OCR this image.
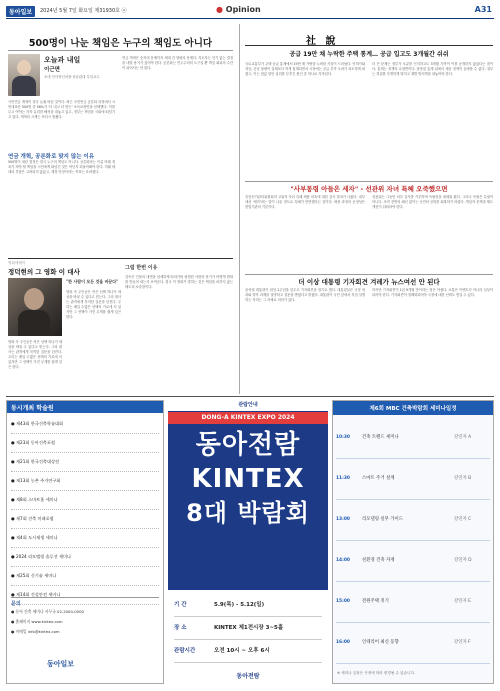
동아일보	2024년 5월 7일 화요일 제31930호 ⓐ	● Opinion	A31
500명이 나눈 책임은 누구의 책임도 아니다
오늘과 내일
이근면
초대 인사혁신처장·성균관대 특임교수
국민연금 개혁이 결국 늦춰 버린 것이다. 최근 국민연금 공론화 과정에서 시민대표단 500명 중 56%가 '더 내고 더 받는' 소득보장안을 선택했다. 이를 두고 여야는 각자 유리한 해석을 내놓고 있고, 정부는 책임을 국회에 떠넘기고 있다. 개혁의 시계는 또다시 멈췄다.
연금 개혁, 공론화로 맞지 않는 이유
500명이 내린 결정은 결국 누구의 책임도 아니다. 공론화라는 이름 아래 정치가 져야 할 책임을 시민에게 떠넘긴 것은 아닌지 되돌아봐야 한다. 미래 세대의 부담은 고려되지 않았고, 재정 안정이라는 목표는 흐려졌다.
연금 개혁은 숫자의 문제이자 세대 간 형평의 문제다. 지도자는 인기 없는 결정을 내릴 용기가 있어야 한다. 공론화는 민주주의의 도구일 뿐 책임 회피의 수단이 되어서는 안 된다.
영화에세이
정덕현의 그 영화 이 대사	그럼 한번 이유
"한 사람이 모든 것을 바꾼다"
영화 속 주인공은 작은 선택 하나가 세상을 바꿀 수 있다고 믿는다. 그의 대사는 관객에게 묵직한 질문을 던진다. 우리는 매일 수많은 선택의 기로에 서 있지만 그 선택이 가진 무게를 쉽게 잊곤 한다.
감독은 인물의 내면을 섬세하게 따라가며 평범한 사람의 용기가 어떻게 변화를 만들어 내는지 보여준다. 결국 이 영화가 말하는 것은 책임을 피하지 않는 태도의 소중함이다.
영화 속 주인공은 작은 선택 하나가 세상을 바꿀 수 있다고 믿는다. 그의 대사는 관객에게 묵직한 질문을 던진다. 우리는 매일 수많은 선택의 기로에 서 있지만 그 선택이 가진 무게를 쉽게 잊곤 한다.
社 說
공급 19만 채 누락한 주택 통계… 공급 입고도 3개월간 쉬쉬
국토교통부가 주택 공급 통계에서 19만 채 가량을 누락한 사실이 드러났다. 인허가와 착공, 준공 물량이 실제보다 적게 집계되면서 시장에는 공급 부족 우려가 과도하게 퍼졌고, 이는 집값 불안 심리를 부추긴 원인 중 하나로 지목된다.
더 큰 문제는 정부가 오류를 인지하고도 3개월 가까이 이를 공개하지 않았다는 점이다. 통계는 정책의 나침반이다. 잘못된 통계 위에서 세운 정책이 올바를 수 없다. 정부는 경위를 투명하게 밝히고 재발 방지책을 내놓아야 한다.
"사부통령 아들은 세자" - 선관위 자녀 특혜 오죽했으면
중앙선거관리위원회의 고위직 자녀 특혜 채용 의혹에 대한 감사 결과가 나왔다. 내부에서 '세자'라는 말이 나올 정도로 특혜가 만연했다는 것이다. 채용 과정의 공정성은 헌법기관의 기본이다.
선관위는 그동안 외부 감사를 거부하며 독립성을 내세워 왔다. 그러나 독립은 특권이 아니다. 조직 전반의 쇄신 없이는 국민의 신뢰를 회복하기 어렵다. 책임자 문책과 제도 개선이 뒤따라야 한다.
더 이상 대통령 기자회견 겨레가 뉴스여선 안 된다
윤석열 대통령이 취임 2주년을 앞두고 기자회견을 열기로 했다. 대통령실은 국정 성과와 향후 과제를 설명하고 질문을 받겠다고 밝혔다. 대통령이 국민 앞에서 직접 설명하는 자리는 그 자체로 의미가 있다.
하지만 기자회견이 1년 9개월 만이라는 점은 아쉽다. 소통은 이벤트가 아니라 일상이 되어야 한다. 기자회견이 정례화되어야 국정에 대한 신뢰도 쌓일 수 있다.
동시개최 학술원
● 제43회 한국건축학술대회
● 제23회 동아건축포럼
● 제21회 한국건축대상전
● 제13회 농촌 주거연구회
● 제8회 스마트홈 세미나
● 제7회 건축 미래포럼
● 제4회 도시재생 세미나
● 2024 리모델링 솔루션 세미나
● 제25회 신기술 세미나
● 제14회 건설안전 세미나
문의
● 동아 건축 세미나 사무국 02-2000-0000
● 홈페이지 www.kintex.com
● 이메일 info@kintex.com
동아일보
관람안내
DONG-A KINTEX EXPO 2024
동아전람
KINTEX
8대 박람회
기 간	5.9(목) - 5.12(일)
장 소	KINTEX 제1전시장 3~5홀
관람시간	오전 10시 ~ 오후 6시
동아전람
제6회 MBC 건축박람회 세미나일정
10:30	건축 트렌드 세미나	강연자 A
11:30	스마트 주거 설계	강연자 B
13:00	리모델링 실무 가이드	강연자 C
14:00	친환경 건축 자재	강연자 D
15:00	전원주택 짓기	강연자 E
16:00	인테리어 최신 동향	강연자 F
※ 세미나 일정은 사정에 따라 변경될 수 있습니다.
